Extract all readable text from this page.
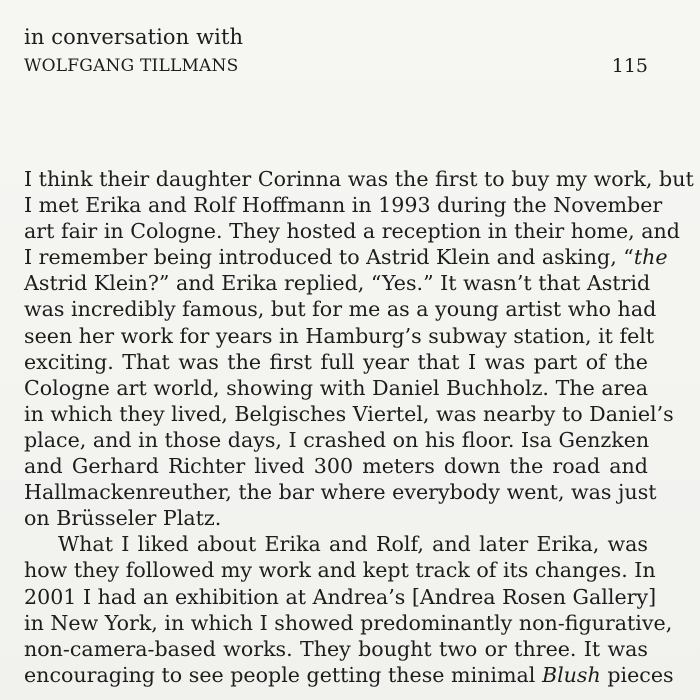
in conversation with
WOLFGANG TILLMANS	115
I think their daughter Corinna was the first to buy my work, but
I met Erika and Rolf Hoffmann in 1993 during the November
art fair in Cologne. They hosted a reception in their home, and
I remember being introduced to Astrid Klein and asking, “the
Astrid Klein?” and Erika replied, “Yes.” It wasn’t that Astrid
was incredibly famous, but for me as a young artist who had
seen her work for years in Hamburg’s subway station, it felt
exciting. That was the first full year that I was part of the
Cologne art world, showing with Daniel Buchholz. The area
in which they lived, Belgisches Viertel, was nearby to Daniel’s
place, and in those days, I crashed on his floor. Isa Genzken
and Gerhard Richter lived 300 meters down the road and
Hallmackenreuther, the bar where everybody went, was just
on Brüsseler Platz.
What I liked about Erika and Rolf, and later Erika, was
how they followed my work and kept track of its changes. In
2001 I had an exhibition at Andrea’s [Andrea Rosen Gallery]
in New York, in which I showed predominantly non-figurative,
non-camera-based works. They bought two or three. It was
encouraging to see people getting these minimal Blush pieces
